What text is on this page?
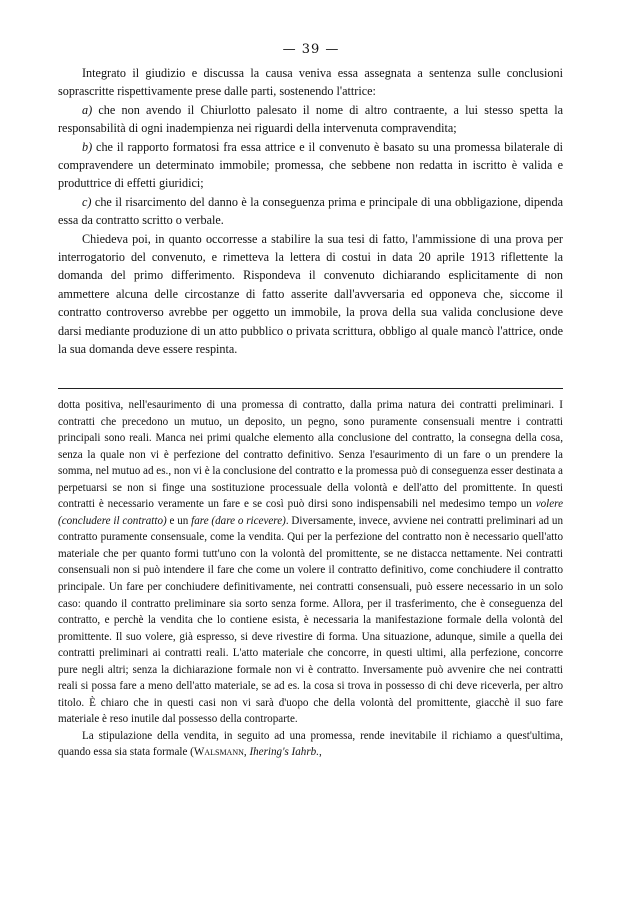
— 39 —

Integrato il giudizio e discussa la causa veniva essa assegnata a sentenza sulle conclusioni soprascritte rispettivamente prese dalle parti, sostenendo l'attrice:

a) che non avendo il Chiurlotto palesato il nome di altro contraente, a lui stesso spetta la responsabilità di ogni inadempienza nei riguardi della intervenuta compravendita;

b) che il rapporto formatosi fra essa attrice e il convenuto è basato su una promessa bilaterale di compravendere un determinato immobile; promessa, che sebbene non redatta in iscritto è valida e produttrice di effetti giuridici;

c) che il risarcimento del danno è la conseguenza prima e principale di una obbligazione, dipenda essa da contratto scritto o verbale.

Chiedeva poi, in quanto occorresse a stabilire la sua tesi di fatto, l'ammissione di una prova per interrogatorio del convenuto, e rimetteva la lettera di costui in data 20 aprile 1913 riflettente la domanda del primo differimento. Rispondeva il convenuto dichiarando esplicitamente di non ammettere alcuna delle circostanze di fatto asserite dall'avversaria ed opponeva che, siccome il contratto controverso avrebbe per oggetto un immobile, la prova della sua valida conclusione deve darsi mediante produzione di un atto pubblico o privata scrittura, obbligo al quale mancò l'attrice, onde la sua domanda deve essere respinta.

dotta positiva, nell'esaurimento di una promessa di contratto, dalla prima natura dei contratti preliminari. I contratti che precedono un mutuo, un deposito, un pegno, sono puramente consensuali mentre i contratti principali sono reali. Manca nei primi qualche elemento alla conclusione del contratto, la consegna della cosa, senza la quale non vi è perfezione del contratto definitivo. Senza l'esaurimento di un fare o un prendere la somma, nel mutuo ad es., non vi è la conclusione del contratto e la promessa può di conseguenza esser destinata a perpetuarsi se non si finge una sostituzione processuale della volontà e dell'atto del promittente. In questi contratti è necessario veramente un fare e se così può dirsi sono indispensabili nel medesimo tempo un volere (concludere il contratto) e un fare (dare o ricevere). Diversamente, invece, avviene nei contratti preliminari ad un contratto puramente consensuale, come la vendita. Qui per la perfezione del contratto non è necessario quell'atto materiale che per quanto formi tutt'uno con la volontà del promittente, se ne distacca nettamente. Nei contratti consensuali non si può intendere il fare che come un volere il contratto definitivo, come conchiudere il contratto principale. Un fare per conchiudere definitivamente, nei contratti consensuali, può essere necessario in un solo caso: quando il contratto preliminare sia sorto senza forme. Allora, per il trasferimento, che è conseguenza del contratto, e perchè la vendita che lo contiene esista, è necessaria la manifestazione formale della volontà del promittente. Il suo volere, già espresso, si deve rivestire di forma. Una situazione, adunque, simile a quella dei contratti preliminari ai contratti reali. L'atto materiale che concorre, in questi ultimi, alla perfezione, concorre pure negli altri; senza la dichiarazione formale non vi è contratto. Inversamente può avvenire che nei contratti reali si possa fare a meno dell'atto materiale, se ad es. la cosa si trova in possesso di chi deve riceverla, per altro titolo. È chiaro che in questi casi non vi sarà d'uopo che della volontà del promittente, giacchè il suo fare materiale è reso inutile dal possesso della controparte.

La stipulazione della vendita, in seguito ad una promessa, rende inevitabile il richiamo a quest'ultima, quando essa sia stata formale (Walsmann, Ihering's Iahrb.,
